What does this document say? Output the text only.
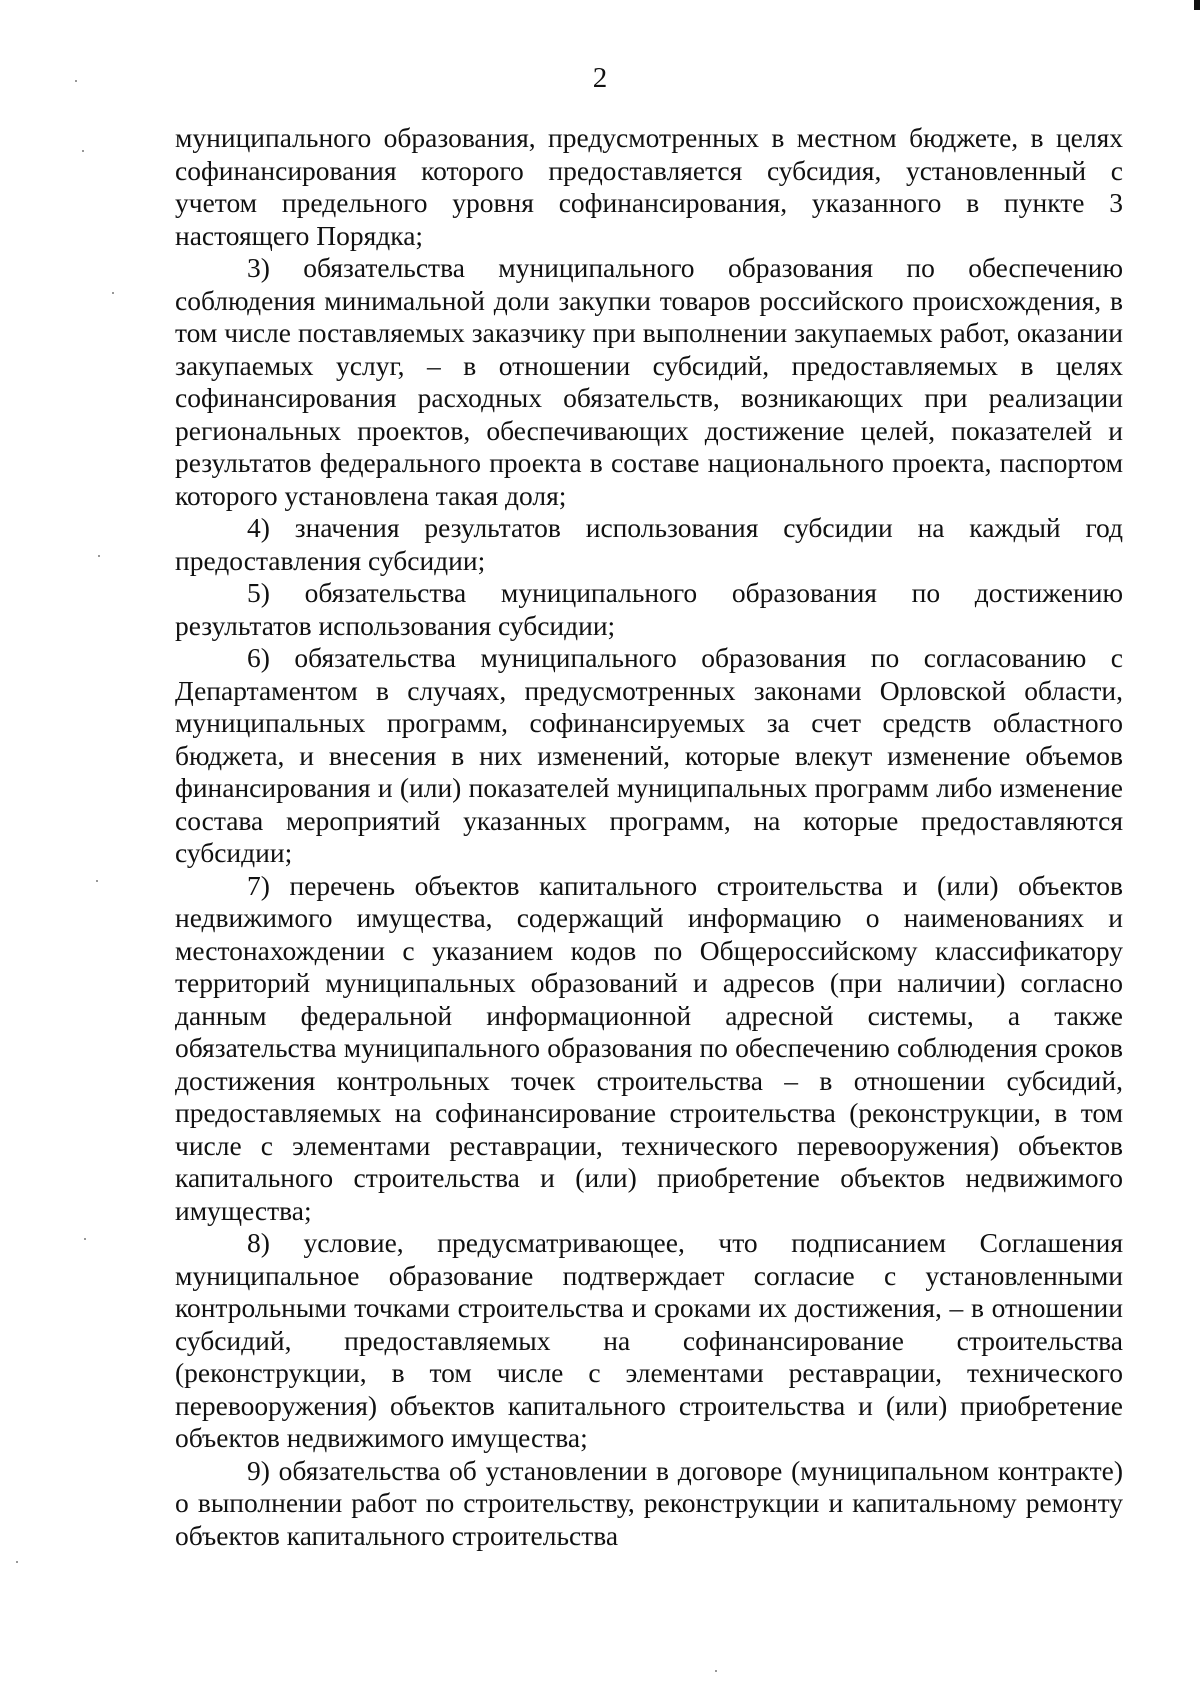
2

муниципального образования, предусмотренных в местном бюджете, в целях софинансирования которого предоставляется субсидия, установленный с учетом предельного уровня софинансирования, указанного в пункте 3 настоящего Порядка;

3) обязательства муниципального образования по обеспечению соблюдения минимальной доли закупки товаров российского происхождения, в том числе поставляемых заказчику при выполнении закупаемых работ, оказании закупаемых услуг, – в отношении субсидий, предоставляемых в целях софинансирования расходных обязательств, возникающих при реализации региональных проектов, обеспечивающих достижение целей, показателей и результатов федерального проекта в составе национального проекта, паспортом которого установлена такая доля;

4) значения результатов использования субсидии на каждый год предоставления субсидии;

5) обязательства муниципального образования по достижению результатов использования субсидии;

6) обязательства муниципального образования по согласованию с Департаментом в случаях, предусмотренных законами Орловской области, муниципальных программ, софинансируемых за счет средств областного бюджета, и внесения в них изменений, которые влекут изменение объемов финансирования и (или) показателей муниципальных программ либо изменение состава мероприятий указанных программ, на которые предоставляются субсидии;

7) перечень объектов капитального строительства и (или) объектов недвижимого имущества, содержащий информацию о наименованиях и местонахождении с указанием кодов по Общероссийскому классификатору территорий муниципальных образований и адресов (при наличии) согласно данным федеральной информационной адресной системы, а также обязательства муниципального образования по обеспечению соблюдения сроков достижения контрольных точек строительства – в отношении субсидий, предоставляемых на софинансирование строительства (реконструкции, в том числе с элементами реставрации, технического перевооружения) объектов капитального строительства и (или) приобретение объектов недвижимого имущества;

8) условие, предусматривающее, что подписанием Соглашения муниципальное образование подтверждает согласие с установленными контрольными точками строительства и сроками их достижения, – в отношении субсидий, предоставляемых на софинансирование строительства (реконструкции, в том числе с элементами реставрации, технического перевооружения) объектов капитального строительства и (или) приобретение объектов недвижимого имущества;

9) обязательства об установлении в договоре (муниципальном контракте) о выполнении работ по строительству, реконструкции и капитальному ремонту объектов капитального строительства
